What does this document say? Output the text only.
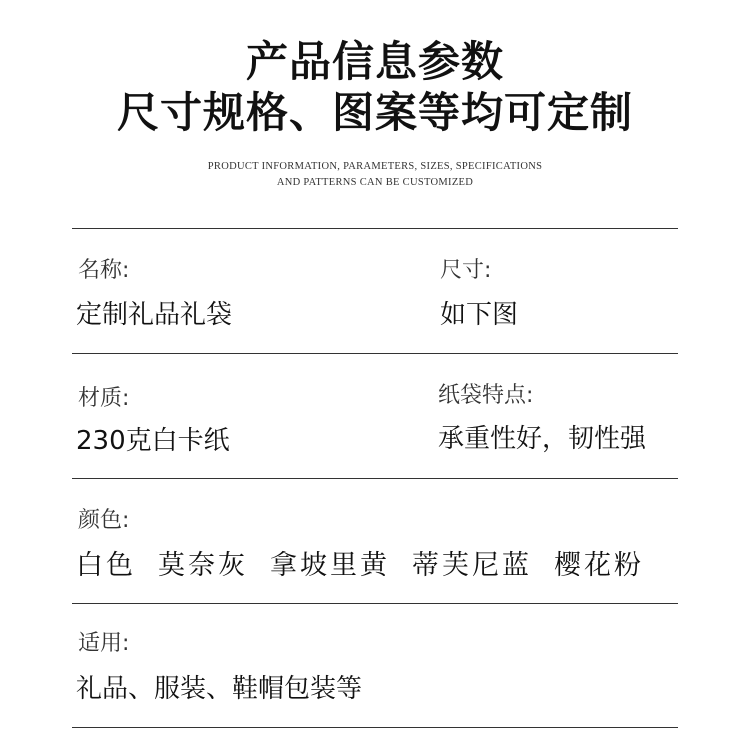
产品信息参数
尺寸规格、图案等均可定制
PRODUCT INFORMATION, PARAMETERS, SIZES, SPECIFICATIONS
AND PATTERNS CAN BE CUSTOMIZED
名称:
定制礼品礼袋
尺寸:
如下图
材质:
230克白卡纸
纸袋特点:
承重性好，韧性强
颜色:
白色 莫奈灰 拿坡里黄 蒂芙尼蓝 樱花粉
适用:
礼品、服装、鞋帽包装等
